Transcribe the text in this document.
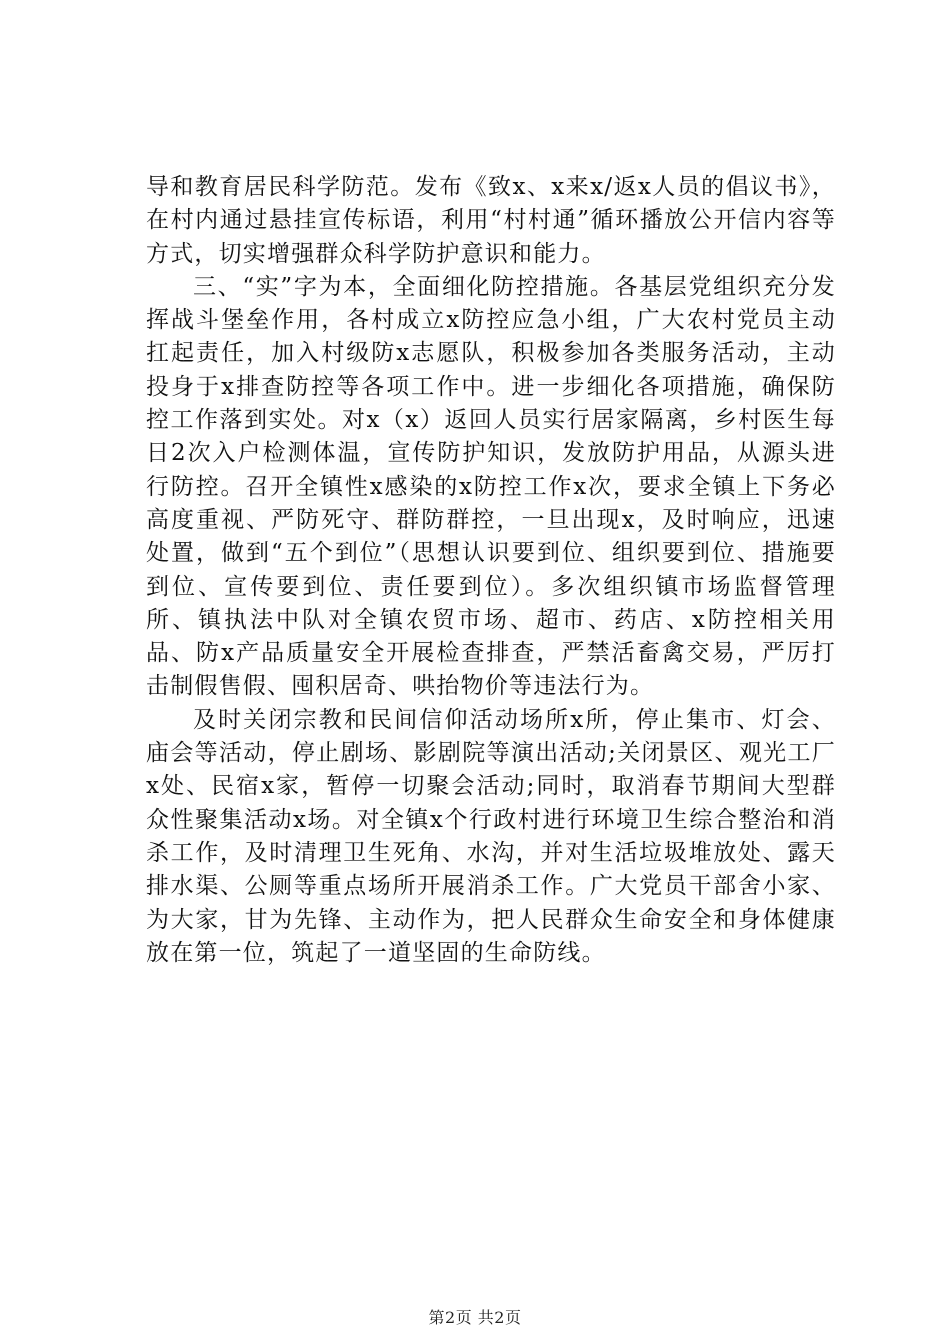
导和教育居民科学防范。发布《致x、x来x/返x人员的倡议书》，在村内通过悬挂宣传标语，利用“村村通”循环播放公开信内容等方式，切实增强群众科学防护意识和能力。

三、“实”字为本，全面细化防控措施。各基层党组织充分发挥战斗堡垒作用，各村成立x防控应急小组，广大农村党员主动扛起责任，加入村级防x志愿队，积极参加各类服务活动，主动投身于x排查防控等各项工作中。进一步细化各项措施，确保防控工作落到实处。对x（x）返回人员实行居家隔离，乡村医生每日2次入户检测体温，宣传防护知识，发放防护用品，从源头进行防控。召开全镇性x感染的x防控工作x次，要求全镇上下务必高度重视、严防死守、群防群控，一旦出现x，及时响应，迅速处置，做到“五个到位”（思想认识要到位、组织要到位、措施要到位、宣传要到位、责任要到位）。多次组织镇市场监督管理所、镇执法中队对全镇农贸市场、超市、药店、x防控相关用品、防x产品质量安全开展检查排查，严禁活畜禽交易，严厉打击制假售假、囤积居奇、哄抬物价等违法行为。

及时关闭宗教和民间信仰活动场所x所，停止集市、灯会、庙会等活动，停止剧场、影剧院等演出活动;关闭景区、观光工厂x处、民宿x家，暂停一切聚会活动;同时，取消春节期间大型群众性聚集活动x场。对全镇x个行政村进行环境卫生综合整治和消杀工作，及时清理卫生死角、水沟，并对生活垃圾堆放处、露天排水渠、公厕等重点场所开展消杀工作。广大党员干部舍小家、为大家，甘为先锋、主动作为，把人民群众生命安全和身体健康放在第一位，筑起了一道坚固的生命防线。

第2页 共2页
